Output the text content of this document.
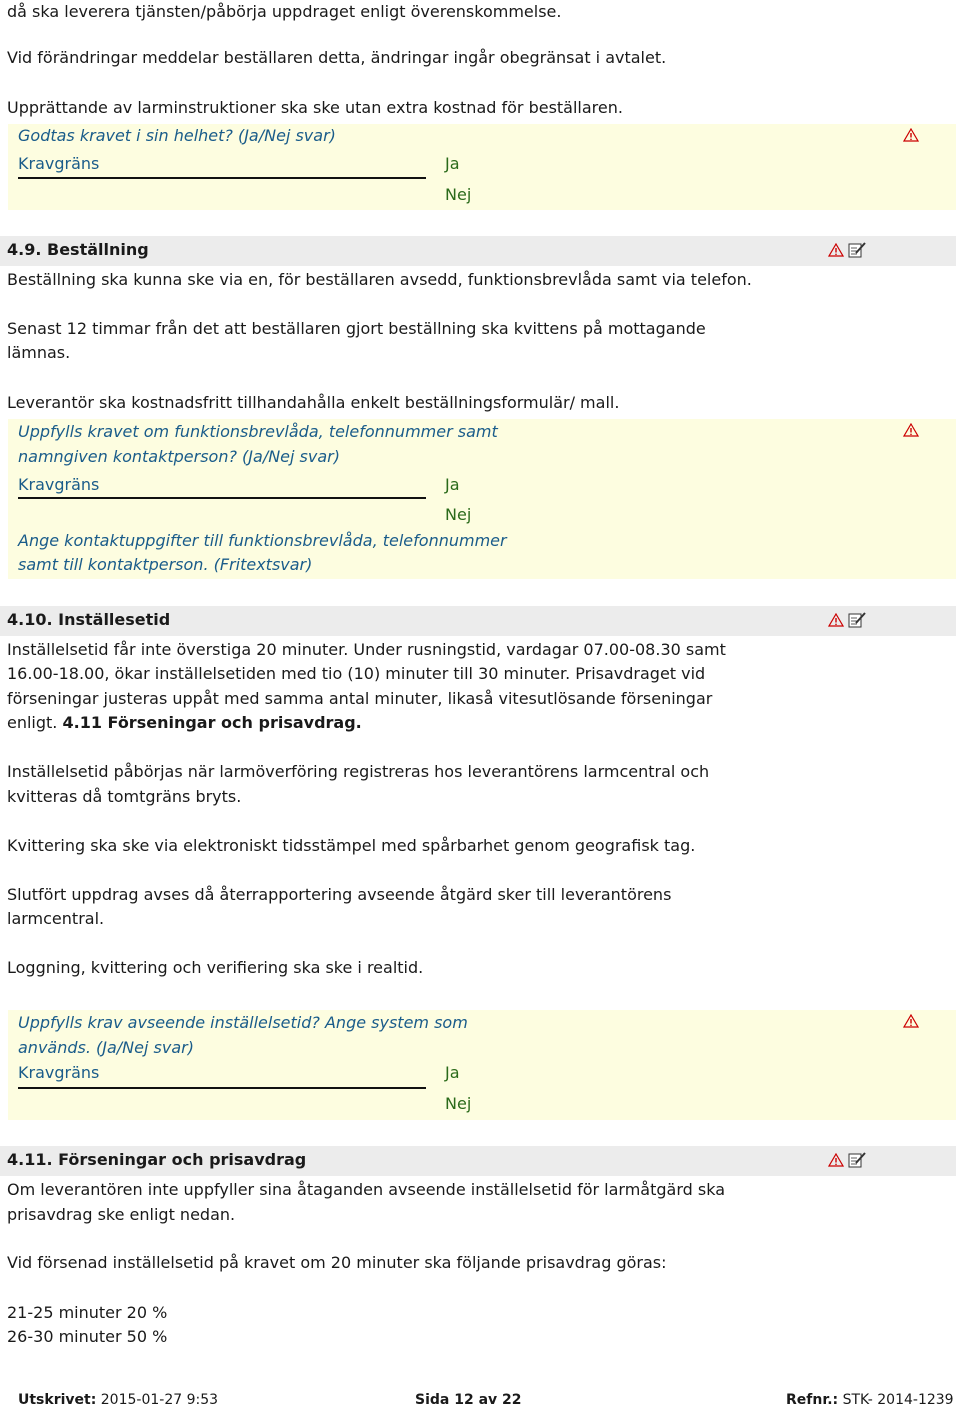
då ska leverera tjänsten/påbörja uppdraget enligt överenskommelse.
Vid förändringar meddelar beställaren detta, ändringar ingår obegränsat i avtalet.
Upprättande av larminstruktioner ska ske utan extra kostnad för beställaren.
Godtas kravet i sin helhet? (Ja/Nej svar)
Kravgräns	Ja
Nej
4.9. Beställning
Beställning ska kunna ske via en, för beställaren avsedd, funktionsbrevlåda samt via telefon.
Senast 12 timmar från det att beställaren gjort beställning ska kvittens på mottagande
lämnas.
Leverantör ska kostnadsfritt tillhandahålla enkelt beställningsformulär/ mall.
Uppfylls kravet om funktionsbrevlåda, telefonnummer samt
namngiven kontaktperson? (Ja/Nej svar)
Kravgräns	Ja
Nej
Ange kontaktuppgifter till funktionsbrevlåda, telefonnummer
samt till kontaktperson. (Fritextsvar)
4.10. Inställesetid
Inställelsetid får inte överstiga 20 minuter. Under rusningstid, vardagar 07.00-08.30 samt
16.00-18.00, ökar inställelsetiden med tio (10) minuter till 30 minuter. Prisavdraget vid
förseningar justeras uppåt med samma antal minuter, likaså vitesutlösande förseningar
enligt. 4.11 Förseningar och prisavdrag.
Inställelsetid påbörjas när larmöverföring registreras hos leverantörens larmcentral och
kvitteras då tomtgräns bryts.
Kvittering ska ske via elektroniskt tidsstämpel med spårbarhet genom geografisk tag.
Slutfört uppdrag avses då återrapportering avseende åtgärd sker till leverantörens
larmcentral.
Loggning, kvittering och verifiering ska ske i realtid.
Uppfylls krav avseende inställelsetid? Ange system som
används. (Ja/Nej svar)
Kravgräns	Ja
Nej
4.11. Förseningar och prisavdrag
Om leverantören inte uppfyller sina åtaganden avseende inställelsetid för larmåtgärd ska
prisavdrag ske enligt nedan.
Vid försenad inställelsetid på kravet om 20 minuter ska följande prisavdrag göras:
21-25 minuter 20 %
26-30 minuter 50 %
Utskrivet: 2015-01-27 9:53	Sida 12 av 22	Refnr.: STK- 2014-1239
